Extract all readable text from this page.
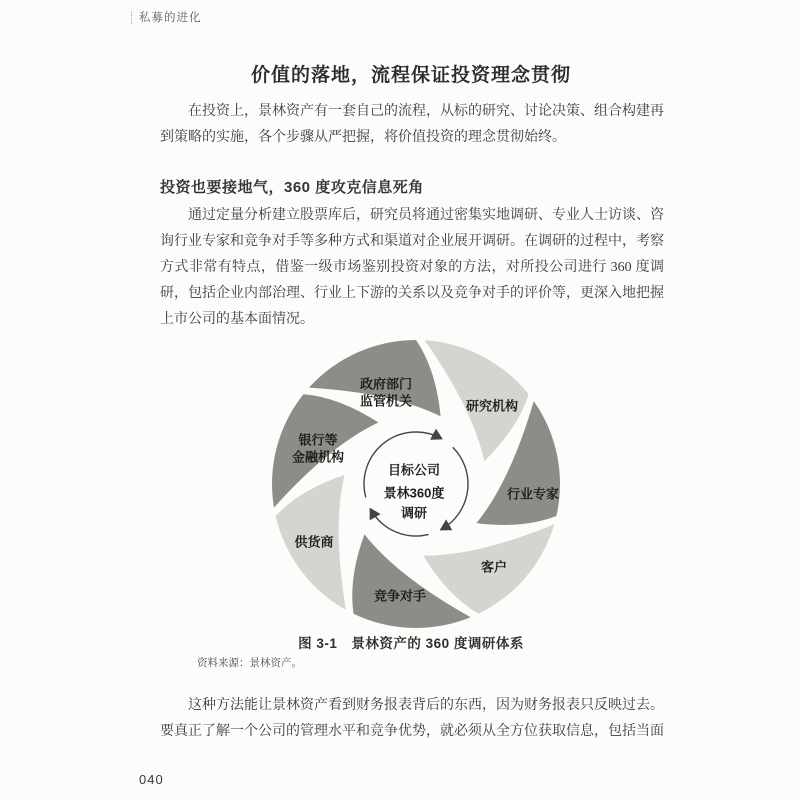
私募的进化
价值的落地，流程保证投资理念贯彻
在投资上，景林资产有一套自己的流程，从标的研究、讨论决策、组合构建再到策略的实施，各个步骤从严把握，将价值投资的理念贯彻始终。
投资也要接地气，360 度攻克信息死角
通过定量分析建立股票库后，研究员将通过密集实地调研、专业人士访谈、咨询行业专家和竞争对手等多种方式和渠道对企业展开调研。在调研的过程中，考察方式非常有特点，借鉴一级市场鉴别投资对象的方法，对所投公司进行 360 度调研，包括企业内部治理、行业上下游的关系以及竞争对手的评价等，更深入地把握上市公司的基本面情况。
政府部门
监管机关	研究机构
行业专家
客户
竞争对手
供货商
银行等
金融机构
目标公司
景林360度
调研
图 3-1　景林资产的 360 度调研体系
资料来源：景林资产。
这种方法能让景林资产看到财务报表背后的东西，因为财务报表只反映过去。要真正了解一个公司的管理水平和竞争优势，就必须从全方位获取信息，包括当面
040
